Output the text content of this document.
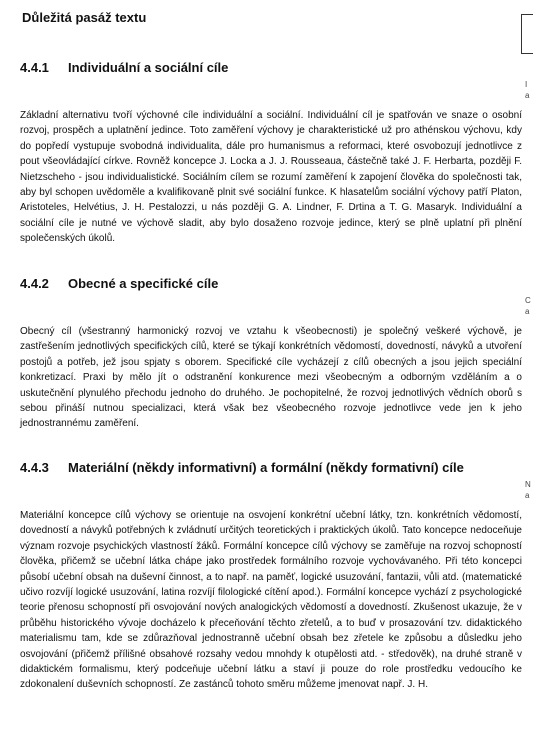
Důležitá pasáž textu
4.4.1 Individuální a sociální cíle

Základní alternativu tvoří výchovné cíle individuální a sociální. Individuální cíl je spatřován ve snaze o osobní rozvoj, prospěch a uplatnění jedince. Toto zaměření výchovy je charakteristické už pro athénskou výchovu, kdy do popředí vystupuje svobodná individualita, dále pro humanismus a reformaci, které osvobozují jednotlivce z pout všeovládající církve. Rovněž koncepce J. Locka a J. J. Rousseaua, částečně také J. F. Herbarta, později F. Nietzscheho - jsou individualistické. Sociálním cílem se rozumí zaměření k zapojení člověka do společnosti tak, aby byl schopen uvědoměle a kvalifikovaně plnit své sociální funkce. K hlasatelům sociální výchovy patří Platon, Aristoteles, Helvétius, J. H. Pestalozzi, u nás později G. A. Lindner, F. Drtina a T. G. Masaryk. Individuální a sociální cíle je nutné ve výchově sladit, aby bylo dosaženo rozvoje jedince, který se plně uplatní při plnění společenských úkolů.

4.4.2 Obecné a specifické cíle

Obecný cíl (všestranný harmonický rozvoj ve vztahu k všeobecnosti) je společný veškeré výchově, je zastřešením jednotlivých specifických cílů, které se týkají konkrétních vědomostí, dovedností, návyků a utvoření postojů a potřeb, jež jsou spjaty s oborem. Specifické cíle vycházejí z cílů obecných a jsou jejich speciální konkretizací. Praxi by mělo jít o odstranění konkurence mezi všeobecným a odborným vzděláním a o uskutečnění plynulého přechodu jednoho do druhého. Je pochopitelné, že rozvoj jednotlivých vědních oborů s sebou přináší nutnou specializaci, která však bez všeobecného rozvoje jednotlivce vede jen k jeho jednostrannému zaměření.

4.4.3 Materiální (někdy informativní) a formální (někdy formativní) cíle

Materiální koncepce cílů výchovy se orientuje na osvojení konkrétní učební látky, tzn. konkrétních vědomostí, dovedností a návyků potřebných k zvládnutí určitých teoretických i praktických úkolů. Tato koncepce nedoceňuje význam rozvoje psychických vlastností žáků. Formální koncepce cílů výchovy se zaměřuje na rozvoj schopností člověka, přičemž se učební látka chápe jako prostředek formálního rozvoje vychovávaného. Při této koncepci působí učební obsah na duševní činnost, a to např. na paměť, logické usuzování, fantazii, vůli atd. (matematické učivo rozvíjí logické usuzování, latina rozvíjí filologické cítění apod.). Formální koncepce vychází z psychologické teorie přenosu schopností při osvojování nových analogických vědomostí a dovedností. Zkušenost ukazuje, že v průběhu historického vývoje docházelo k přeceňování těchto zřetelů, a to buď v prosazování tzv. didaktického materialismu tam, kde se zdůrazňoval jednostranně učební obsah bez zřetele ke způsobu a důsledku jeho osvojování (přičemž přílišné obsahové rozsahy vedou mnohdy k otupělosti atd. - středověk), na druhé straně v didaktickém formalismu, který podceňuje učební látku a staví ji pouze do role prostředku vedoucího ke zdokonalení duševních schopností. Ze zastánců tohoto směru můžeme jmenovat např. J. H.

I
a
C
a
N
a
